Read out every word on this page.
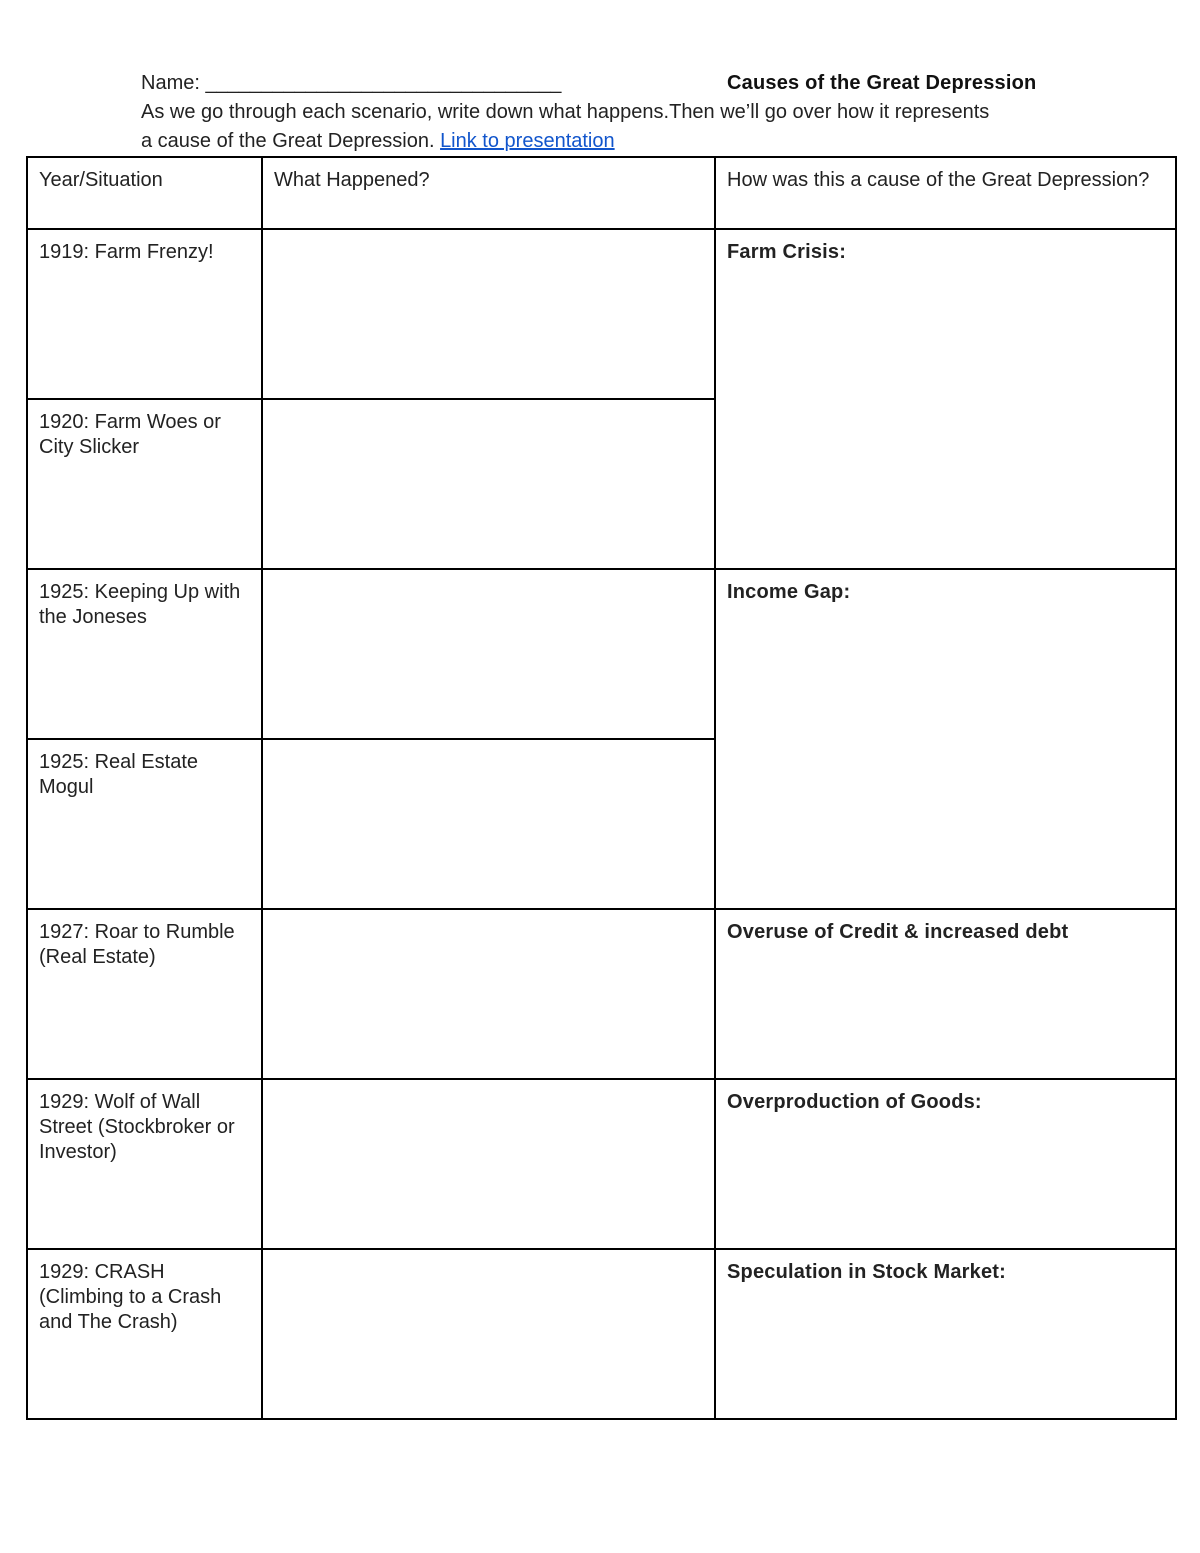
Name: ________________________________	Causes of the Great Depression
As we go through each scenario, write down what happens.Then we’ll go over how it represents
a cause of the Great Depression. Link to presentation
Year/Situation	What Happened?	How was this a cause of the Great Depression?
1919: Farm Frenzy!		Farm Crisis:
1920: Farm Woes or City Slicker		
1925: Keeping Up with the Joneses		Income Gap:
1925: Real Estate Mogul		
1927: Roar to Rumble (Real Estate)		Overuse of Credit & increased debt
1929: Wolf of Wall Street (Stockbroker or Investor)		Overproduction of Goods:
1929: CRASH (Climbing to a Crash and The Crash)		Speculation in Stock Market:
